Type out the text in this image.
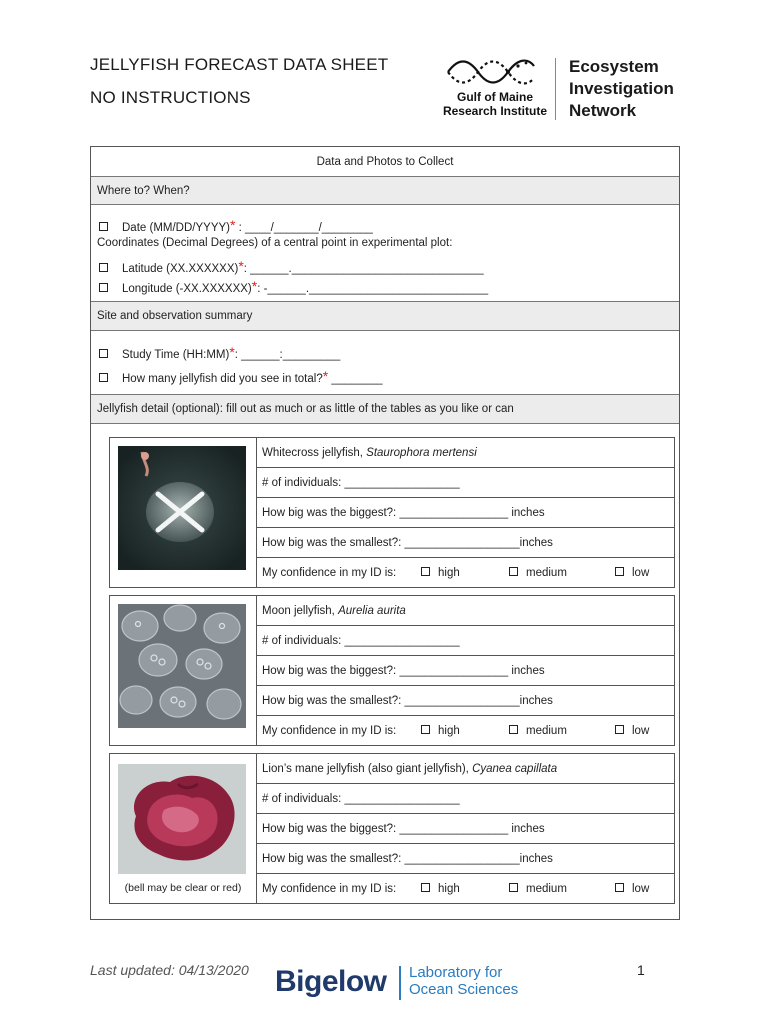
JELLYFISH FORECAST DATA SHEET
NO INSTRUCTIONS	Gulf of Maine
Research Institute
Ecosystem
Investigation
Network
Data and Photos to Collect
Where to? When?
Date (MM/DD/YYYY)* : ____/_______/________
Coordinates (Decimal Degrees) of a central point in experimental plot:
Latitude (XX.XXXXXX)*: ______.______________________________
Longitude (-XX.XXXXXX)*: -______.____________________________
Site and observation summary
Study Time (HH:MM)*: ______:_________
How many jellyfish did you see in total?* ________
Jellyfish detail (optional): fill out as much or as little of the tables as you like or can
Whitecross jellyfish, Staurophora mertensi
# of individuals: __________________
How big was the biggest?: _________________ inches
How big was the smallest?: __________________inches
My confidence in my ID is:	high	medium	low
Moon jellyfish, Aurelia aurita
# of individuals: __________________
How big was the biggest?: _________________ inches
How big was the smallest?: __________________inches
My confidence in my ID is:	high	medium	low
(bell may be clear or red)
Lion’s mane jellyfish (also giant jellyfish), Cyanea capillata
# of individuals: __________________
How big was the biggest?: _________________ inches
How big was the smallest?: __________________inches
My confidence in my ID is:	high	medium	low
Last updated: 04/13/2020 Bigelow Laboratory for
Ocean Sciences
1
